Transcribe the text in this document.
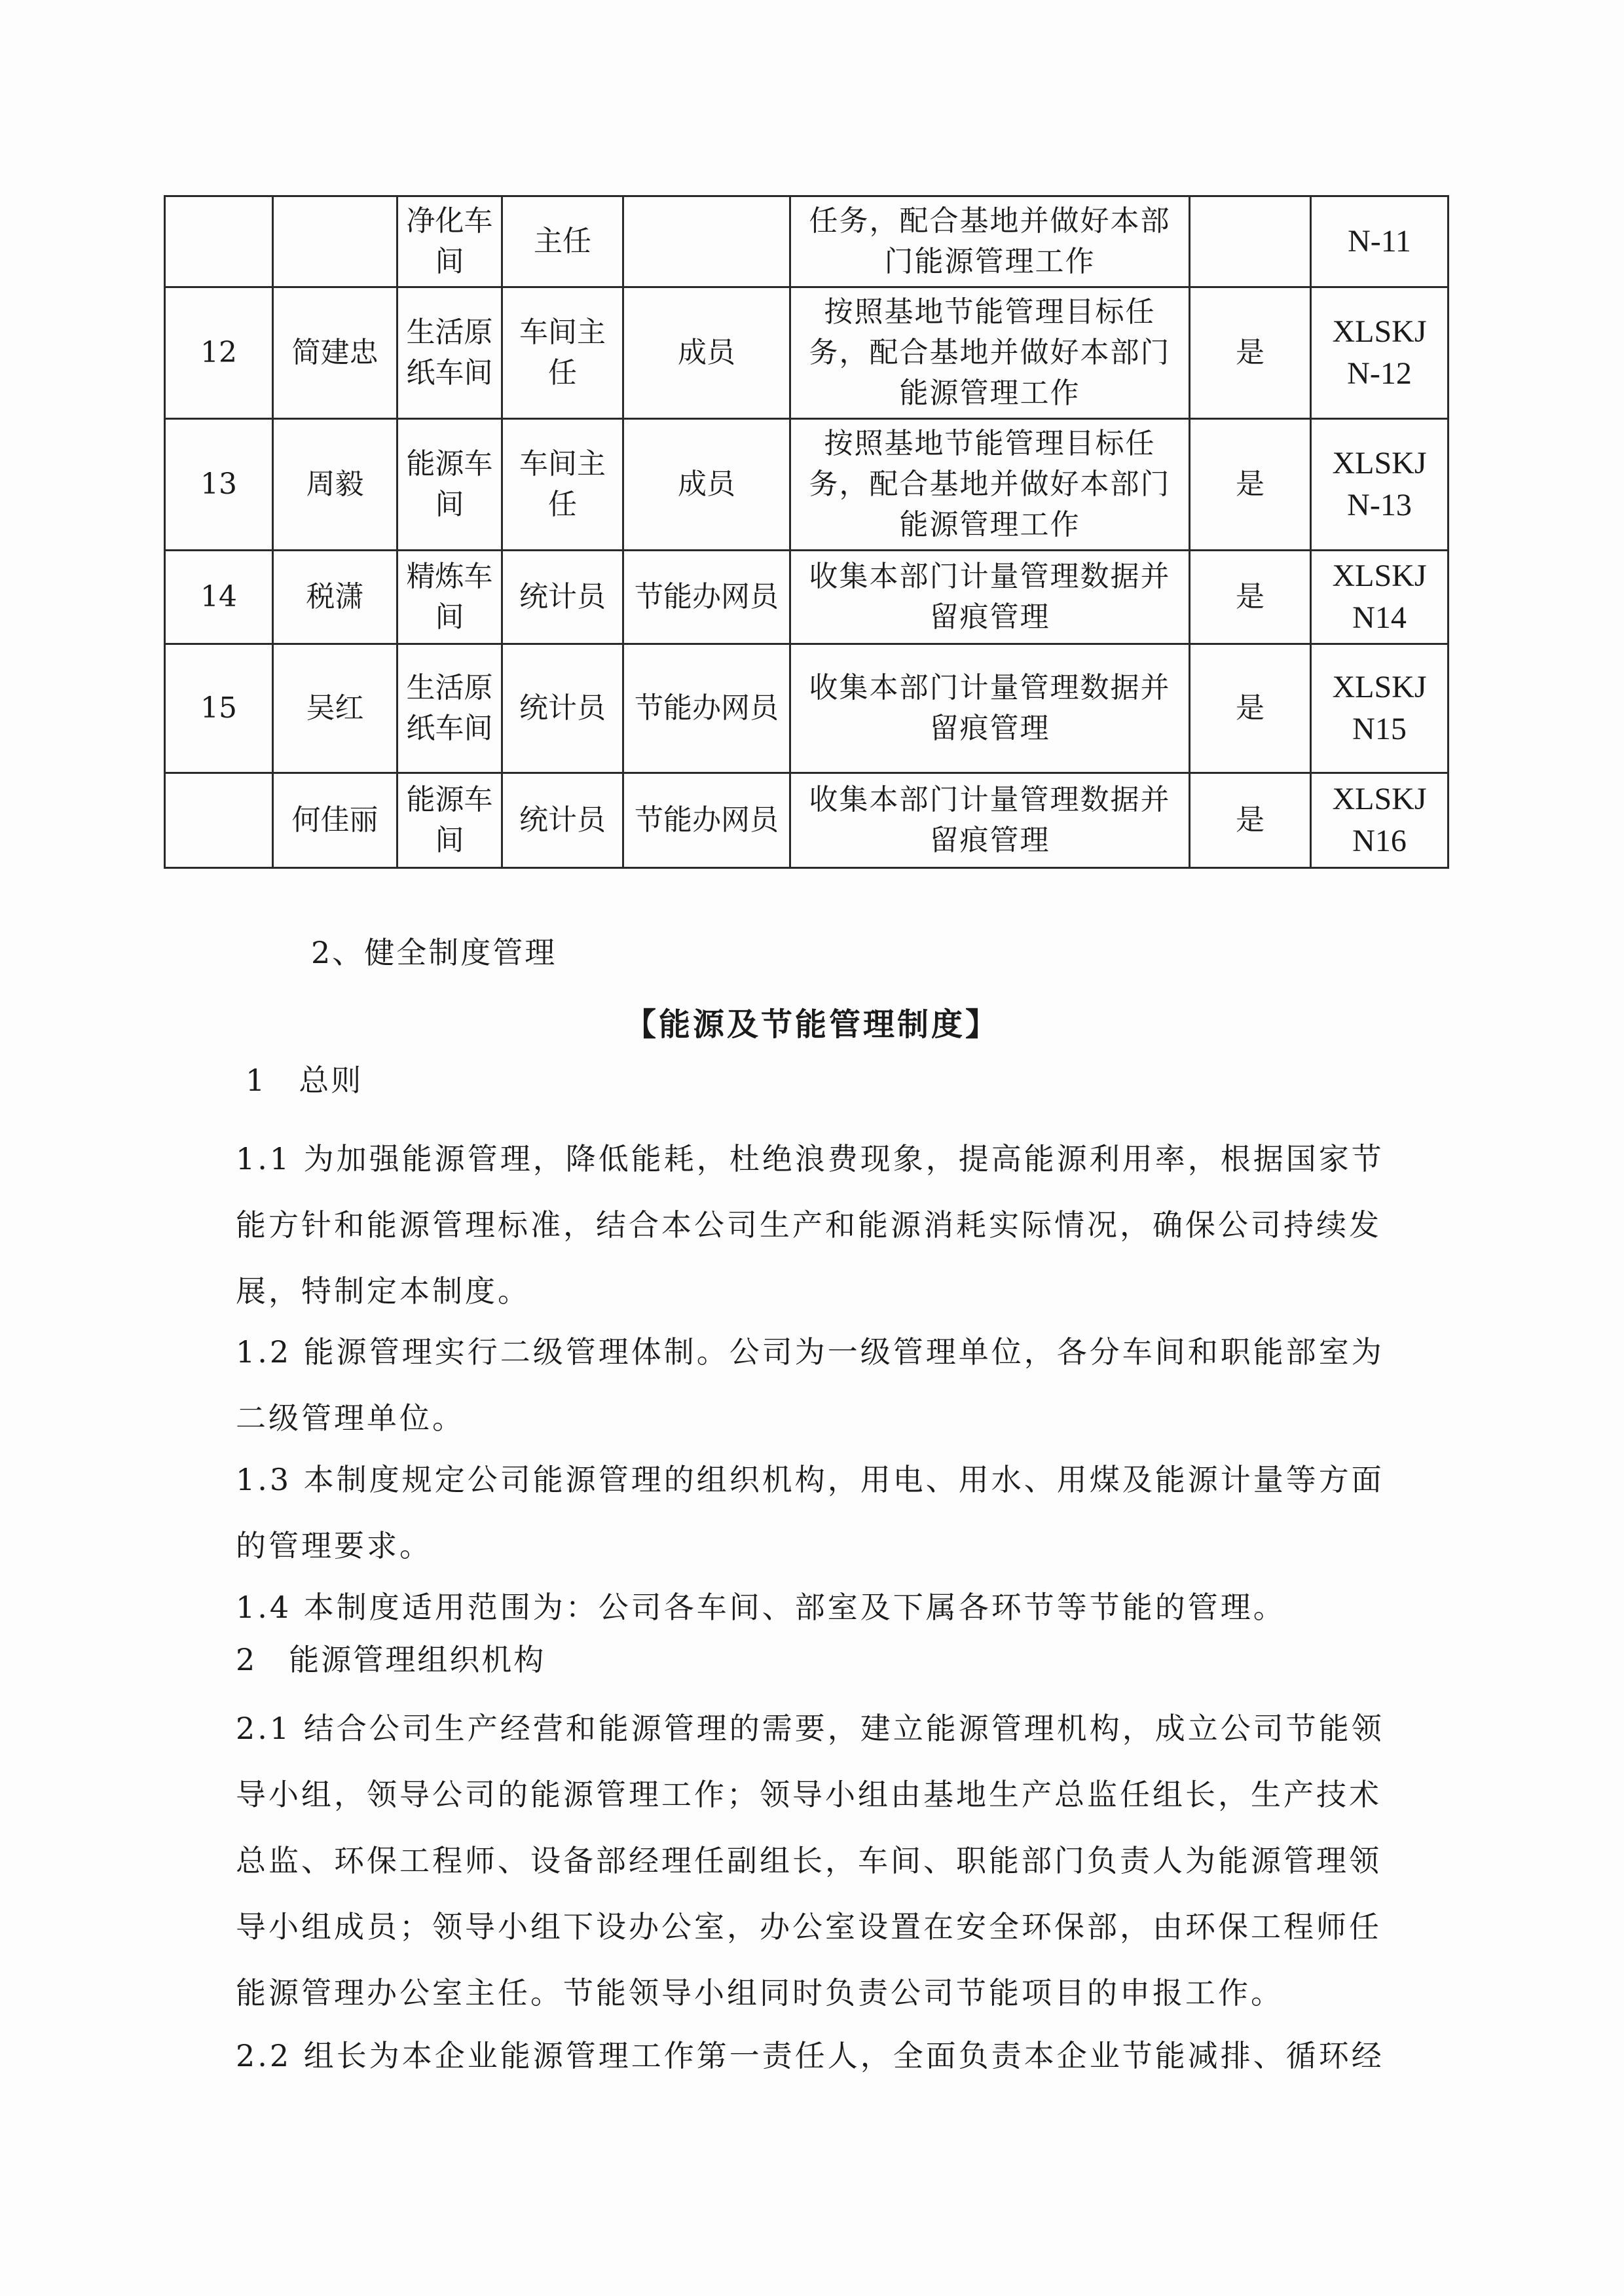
		净化车间	主任		任务，配合基地并做好本部门能源管理工作		N-11
12	简建忠	生活原纸车间	车间主任	成员	按照基地节能管理目标任务，配合基地并做好本部门能源管理工作	是	XLSKJ N-12
13	周毅	能源车间	车间主任	成员	按照基地节能管理目标任务，配合基地并做好本部门能源管理工作	是	XLSKJ N-13
14	税潇	精炼车间	统计员	节能办网员	收集本部门计量管理数据并留痕管理	是	XLSKJ N14
15	吴红	生活原纸车间	统计员	节能办网员	收集本部门计量管理数据并留痕管理	是	XLSKJ N15
	何佳丽	能源车间	统计员	节能办网员	收集本部门计量管理数据并留痕管理	是	XLSKJ N16
2、健全制度管理
【能源及节能管理制度】
1　总则
1.1 为加强能源管理，降低能耗，杜绝浪费现象，提高能源利用率，根据国家节能方针和能源管理标准，结合本公司生产和能源消耗实际情况，确保公司持续发展，特制定本制度。
1.2 能源管理实行二级管理体制。公司为一级管理单位，各分车间和职能部室为二级管理单位。
1.3 本制度规定公司能源管理的组织机构，用电、用水、用煤及能源计量等方面的管理要求。
1.4 本制度适用范围为：公司各车间、部室及下属各环节等节能的管理。
2　能源管理组织机构
2.1 结合公司生产经营和能源管理的需要，建立能源管理机构，成立公司节能领导小组，领导公司的能源管理工作；领导小组由基地生产总监任组长，生产技术总监、环保工程师、设备部经理任副组长，车间、职能部门负责人为能源管理领导小组成员；领导小组下设办公室，办公室设置在安全环保部，由环保工程师任能源管理办公室主任。节能领导小组同时负责公司节能项目的申报工作。
2.2 组长为本企业能源管理工作第一责任人，全面负责本企业节能减排、循环经
